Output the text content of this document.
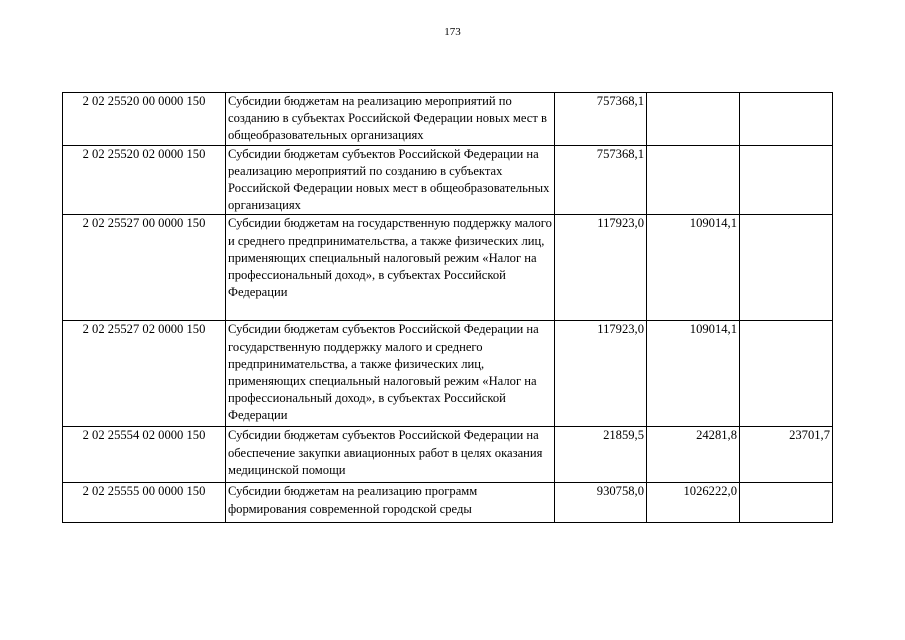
173
2 02 25520 00 0000 150	Субсидии бюджетам на реализацию мероприятий по созданию в субъектах Российской Федерации новых мест в общеобразовательных организациях	757368,1		
2 02 25520 02 0000 150	Субсидии бюджетам субъектов Российской Федерации на реализацию мероприятий по созданию в субъектах Российской Федерации новых мест в общеобразовательных организациях	757368,1		
2 02 25527 00 0000 150	Субсидии бюджетам на государственную поддержку малого и среднего предпринимательства, а также физических лиц, применяющих специальный налоговый режим «Налог на профессиональный доход», в субъектах Российской Федерации	117923,0	109014,1	
2 02 25527 02 0000 150	Субсидии бюджетам субъектов Российской Федерации на государственную поддержку малого и среднего предпринимательства, а также физических лиц, применяющих специальный налоговый режим «Налог на профессиональный доход», в субъектах Российской Федерации	117923,0	109014,1	
2 02 25554 02 0000 150	Субсидии бюджетам субъектов Российской Федерации на обеспечение закупки авиационных работ в целях оказания медицинской помощи	21859,5	24281,8	23701,7
2 02 25555 00 0000 150	Субсидии бюджетам на реализацию программ формирования современной городской среды	930758,0	1026222,0	
